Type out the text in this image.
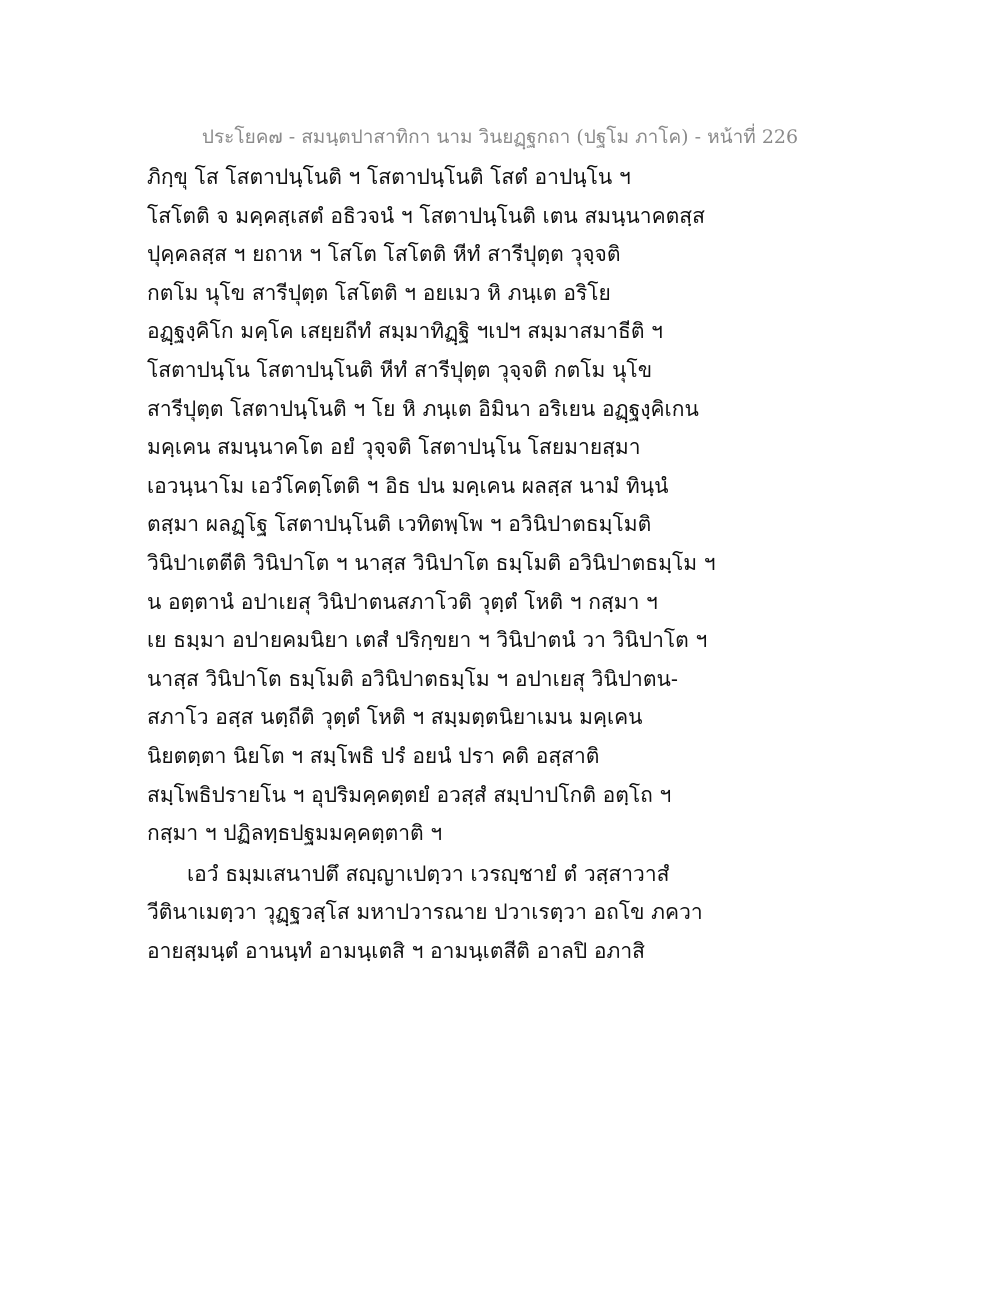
ประโยค๗ - สมนฺตปาสาทิกา นาม วินยฏฺฐกถา (ปฐโม ภาโค) - หน้าที่ 226
ภิกฺขุ โส โสตาปนฺโนติ ฯ โสตาปนฺโนติ โสตํ อาปนฺโน ฯ
โสโตติ จ มคฺคสฺเสตํ อธิวจนํ ฯ โสตาปนฺโนติ เตน สมนฺนาคตสฺส
ปุคฺคลสฺส ฯ ยถาห ฯ โสโต โสโตติ หีทํ สารีปุตฺต วุจฺจติ
กตโม นุโข สารีปุตฺต โสโตติ ฯ อยเมว หิ ภนฺเต อริโย
อฏฺฐงฺคิโก มคฺโค เสยฺยถีทํ สมฺมาทิฏฺฐิ ฯเปฯ สมฺมาสมาธีติ ฯ
โสตาปนฺโน โสตาปนฺโนติ หีทํ สารีปุตฺต วุจฺจติ กตโม นุโข
สารีปุตฺต โสตาปนฺโนติ ฯ โย หิ ภนฺเต อิมินา อริเยน อฏฺฐงฺคิเกน
มคฺเคน สมนฺนาคโต อยํ วุจฺจติ โสตาปนฺโน โสยมายสฺมา
เอวนฺนาโม เอวํโคตฺโตติ ฯ อิธ ปน มคฺเคน ผลสฺส นามํ ทินฺนํ
ตสฺมา ผลฏฺโฐ โสตาปนฺโนติ เวทิตพฺโพ ฯ อวินิปาตธมฺโมติ
วินิปาเตตีติ วินิปาโต ฯ นาสฺส วินิปาโต ธมฺโมติ อวินิปาตธมฺโม ฯ
น อตฺตานํ อปาเยสุ วินิปาตนสภาโวติ วุตฺตํ โหติ ฯ กสฺมา ฯ
เย ธมฺมา อปายคมนิยา เตสํ ปริกฺขยา ฯ วินิปาตนํ วา วินิปาโต ฯ
นาสฺส วินิปาโต ธมฺโมติ อวินิปาตธมฺโม ฯ อปาเยสุ วินิปาตน-
สภาโว อสฺส นตฺถีติ วุตฺตํ โหติ ฯ สมฺมตฺตนิยาเมน มคฺเคน
นิยตตฺตา นิยโต ฯ สมฺโพธิ ปรํ อยนํ ปรา คติ อสฺสาติ
สมฺโพธิปรายโน ฯ อุปริมคฺคตฺตยํ อวสฺสํ สมฺปาปโกติ อตฺโถ ฯ
กสฺมา ฯ ปฏิลทฺธปฐมมคฺคตฺตาติ ฯ
เอวํ ธมฺมเสนาปตึ สญฺญาเปตฺวา เวรญฺชายํ ตํ วสฺสาวาสํ
วีตินาเมตฺวา วุฏฺฐวสฺโส มหาปวารณาย ปวาเรตฺวา อถโข ภควา
อายสฺมนฺตํ อานนฺทํ อามนฺเตสิ ฯ อามนฺเตสีติ อาลปิ อภาสิ
